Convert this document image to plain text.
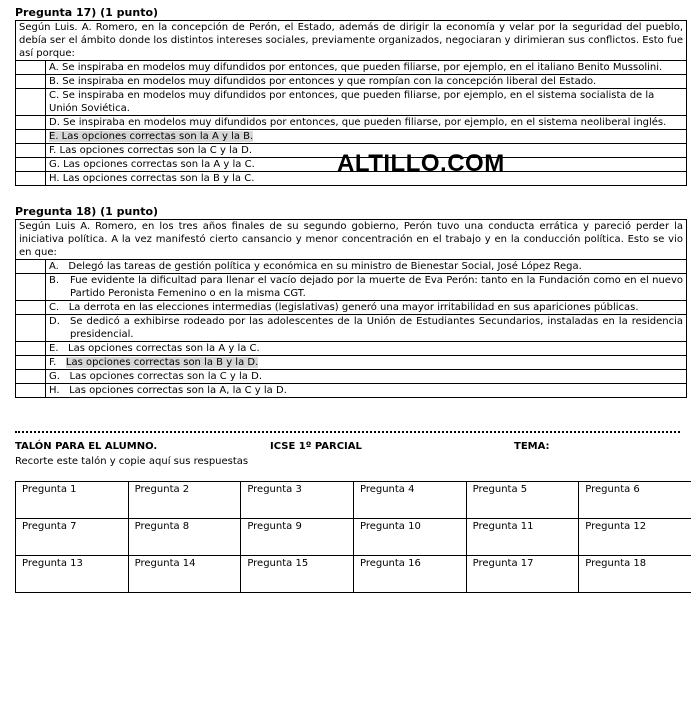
Pregunta 17) (1 punto)
Según Luis. A. Romero, en la concepción de Perón, el Estado, además de dirigir la economía y velar por la seguridad del pueblo, debía ser el ámbito donde los distintos intereses sociales, previamente organizados, negociaran y dirimieran sus conflictos. Esto fue así porque:	
	A. Se inspiraba en modelos muy difundidos por entonces, que pueden filiarse, por ejemplo, en el italiano Benito Mussolini.
	B. Se inspiraba en modelos muy difundidos por entonces y que rompían con la concepción liberal del Estado.
	C. Se inspiraba en modelos muy difundidos por entonces, que pueden filiarse, por ejemplo, en el sistema socialista de la Unión Soviética.
	D. Se inspiraba en modelos muy difundidos por entonces, que pueden filiarse, por ejemplo, en el sistema neoliberal inglés.
	E. Las opciones correctas son la A y la B.
	F. Las opciones correctas son la C y la D.
	G. Las opciones correctas son la A y la C.
	H. Las opciones correctas son la B y la C.
ALTILLO.COM
Pregunta 18) (1 punto)
Según Luis A. Romero, en los tres años finales de su segundo gobierno, Perón tuvo una conducta errática y pareció perder la iniciativa política. A la vez manifestó cierto cansancio y menor concentración en el trabajo y en la conducción política. Esto se vio en que:	
	A. Delegó las tareas de gestión política y económica en su ministro de Bienestar Social, José López Rega.

	B. Fue evidente la dificultad para llenar el vacío dejado por la muerte de Eva Perón: tanto en la Fundación como en el nuevo Partido Peronista Femenino o en la misma CGT.

	C. La derrota en las elecciones intermedias (legislativas) generó una mayor irritabilidad en sus apariciones públicas.

	D. Se dedicó a exhibirse rodeado por las adolescentes de la Unión de Estudiantes Secundarios, instaladas en la residencia presidencial.

	E. Las opciones correctas son la A y la C.
	F. Las opciones correctas son la B y la D.
	G. Las opciones correctas son la C y la D.
	H. Las opciones correctas son la A, la C y la D.
TALÓN PARA EL ALUMNO.	ICSE 1º PARCIAL	TEMA:
Recorte este talón y copie aquí sus respuestas
Pregunta 1	Pregunta 2	Pregunta 3	Pregunta 4	Pregunta 5	Pregunta 6
Pregunta 7	Pregunta 8	Pregunta 9	Pregunta 10	Pregunta 11	Pregunta 12
Pregunta 13	Pregunta 14	Pregunta 15	Pregunta 16	Pregunta 17	Pregunta 18
